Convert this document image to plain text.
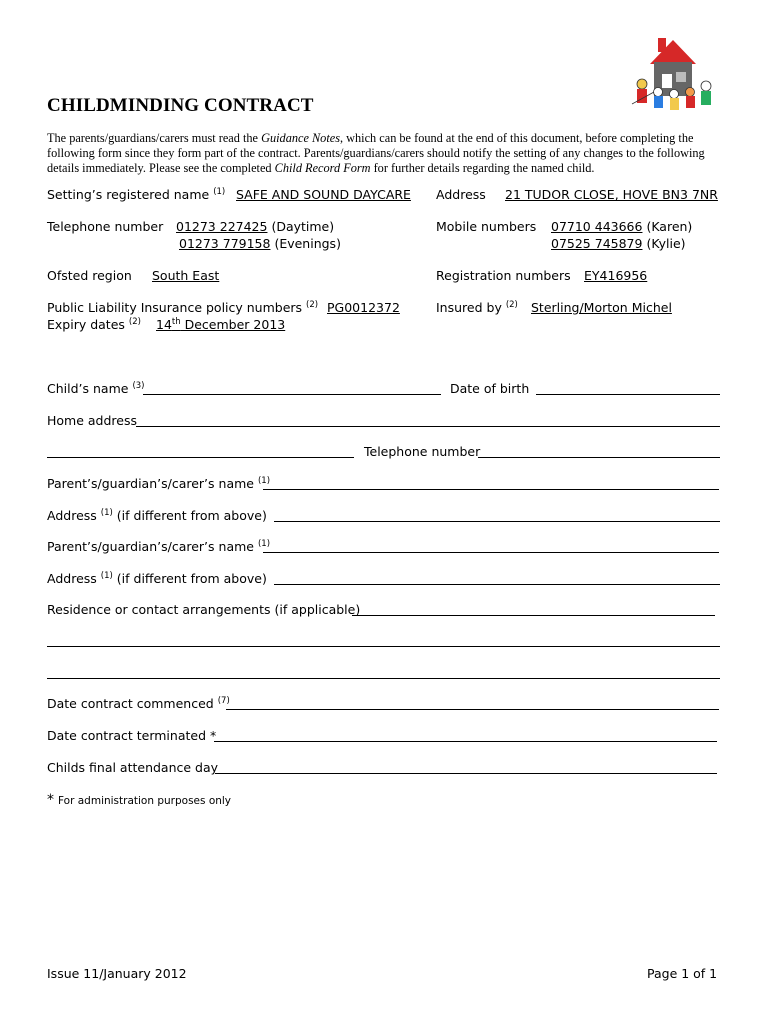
CHILDMINDING CONTRACT
The parents/guardians/carers must read the Guidance Notes, which can be found at the end of this document, before completing the following form since they form part of the contract. Parents/guardians/carers should notify the setting of any changes to the following details immediately. Please see the completed Child Record Form for further details regarding the named child.
Setting’s registered name $^{(1)}$ SAFE AND SOUND DAYCARE Address 21 TUDOR CLOSE, HOVE BN3 7NR
Telephone number 01273 227425 (Daytime)
01273 779158 (Evenings)
Mobile numbers 07710 443666 (Karen)
07525 745879 (Kylie)
Ofsted region South East	Registration numbers EY416956
Public Liability Insurance policy numbers $^{(2)}$ PG0012372	Insured by $^{(2)}$ Sterling/Morton Michel
Expiry dates $^{(2)}$ 14th December 2013
Child’s name $^{(3)}$	Date of birth
Home address
Telephone number
Parent’s/guardian’s/carer’s name $^{(1)}$
Address $^{(1)}$ (if different from above)
Parent’s/guardian’s/carer’s name $^{(1)}$
Address $^{(1)}$ (if different from above)
Residence or contact arrangements (if applicable)
Date contract commenced $^{(7)}$
Date contract terminated *
Childs final attendance day
* For administration purposes only
Issue 11/January 2012	Page 1 of 1
